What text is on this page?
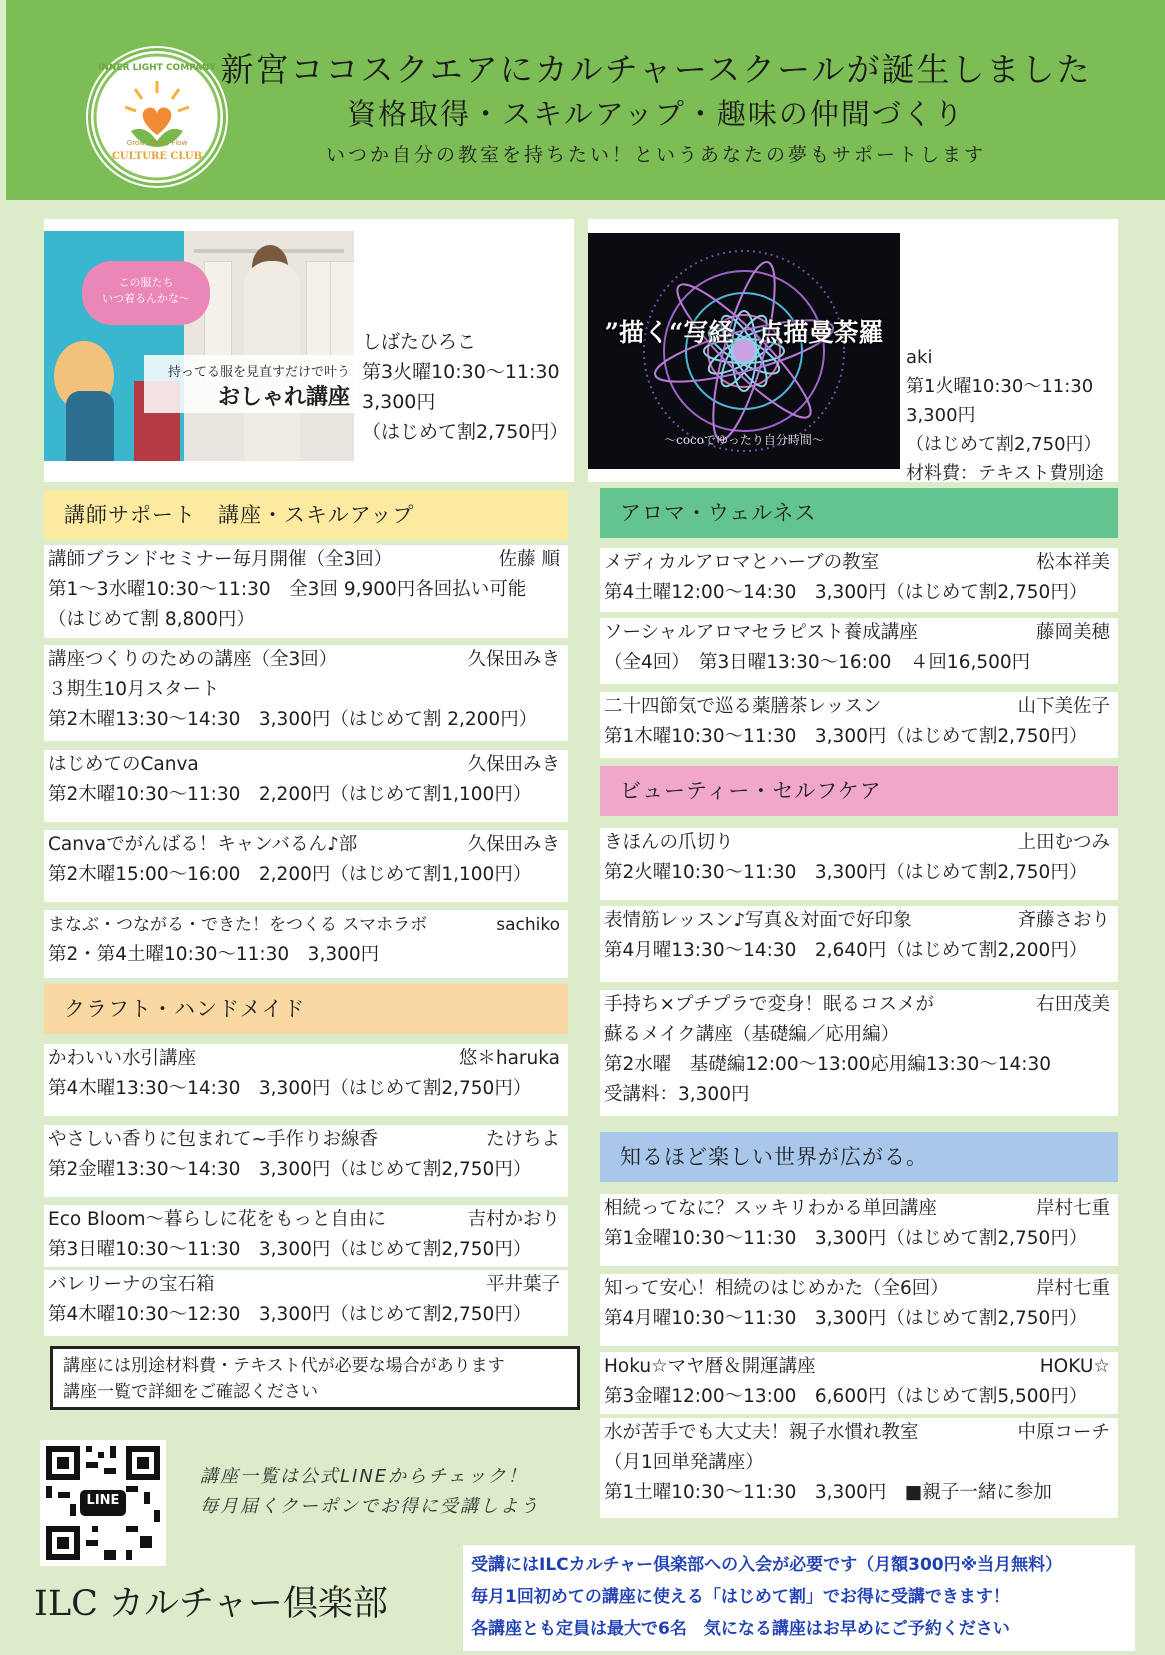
INNER LIGHT COMPANY
Grow, Glow, Flow
CULTURE CLUB
新宮ココスクエアにカルチャースクールが誕生しました
資格取得・スキルアップ・趣味の仲間づくり
いつか自分の教室を持ちたい！というあなたの夢もサポートします
この服たち
いつ着るんかな～
持ってる服を見直すだけで叶う
おしゃれ講座
しばたひろこ
第3火曜10:30～11:30
3,300円
（はじめて割2,750円）
”描く“写経　点描曼荼羅
～cocoでゆったり自分時間～
aki
第1火曜10:30～11:30
3,300円
（はじめて割2,750円）
材料費：テキスト費別途
講師サポート　講座・スキルアップ
クラフト・ハンドメイド
アロマ・ウェルネス
ビューティー・セルフケア
知るほど楽しい世界が広がる。
講師ブランドセミナー毎月開催（全3回）	佐藤 順
第1～3水曜10:30～11:30　全3回 9,900円各回払い可能
（はじめて割 8,800円）
講座つくりのための講座（全3回）	久保田みき
３期生10月スタート
第2木曜13:30～14:30　3,300円（はじめて割 2,200円）
はじめてのCanva	久保田みき
第2木曜10:30～11:30　2,200円（はじめて割1,100円）
Canvaでがんばる！キャンバるん♪部	久保田みき
第2木曜15:00～16:00　2,200円（はじめて割1,100円）
まなぶ・つながる・できた！をつくる スマホラボ	sachiko
第2・第4土曜10:30～11:30　3,300円
かわいい水引講座	悠＊haruka
第4木曜13:30～14:30　3,300円（はじめて割2,750円）
やさしい香りに包まれて~手作りお線香	たけちよ
第2金曜13:30～14:30　3,300円（はじめて割2,750円）
Eco Bloom～暮らしに花をもっと自由に	吉村かおり
第3日曜10:30～11:30　3,300円（はじめて割2,750円）
バレリーナの宝石箱	平井葉子
第4木曜10:30～12:30　3,300円（はじめて割2,750円）
メディカルアロマとハーブの教室	松本祥美
第4土曜12:00～14:30　3,300円（はじめて割2,750円）
ソーシャルアロマセラピスト養成講座	藤岡美穂
（全4回）　第3日曜13:30～16:00　４回16,500円
二十四節気で巡る薬膳茶レッスン	山下美佐子
第1木曜10:30～11:30　3,300円（はじめて割2,750円）
きほんの爪切り	上田むつみ
第2火曜10:30～11:30　3,300円（はじめて割2,750円）
表情筋レッスン♪写真＆対面で好印象	斉藤さおり
第4月曜13:30～14:30　2,640円（はじめて割2,200円）
手持ち×プチプラで変身！眠るコスメが	右田茂美
蘇るメイク講座（基礎編／応用編）
第2水曜　基礎編12:00～13:00応用編13:30～14:30
受講料：3,300円
相続ってなに？スッキリわかる単回講座	岸村七重
第1金曜10:30～11:30　3,300円（はじめて割2,750円）
知って安心！相続のはじめかた（全6回）	岸村七重
第4月曜10:30～11:30　3,300円（はじめて割2,750円）
Hoku☆マヤ暦＆開運講座	HOKU☆
第3金曜12:00～13:00　6,600円（はじめて割5,500円）
水が苦手でも大丈夫！親子水慣れ教室	中原コーチ
（月1回単発講座）
第1土曜10:30～11:30　3,300円　■親子一緒に参加
講座には別途材料費・テキスト代が必要な場合があります
講座一覧で詳細をご確認ください
LINE
講座一覧は公式LINEからチェック！
毎月届くクーポンでお得に受講しよう
ILC カルチャー倶楽部
受講にはILCカルチャー倶楽部への入会が必要です（月額300円※当月無料）
毎月1回初めての講座に使える「はじめて割」でお得に受講できます！
各講座とも定員は最大で6名　気になる講座はお早めにご予約ください
